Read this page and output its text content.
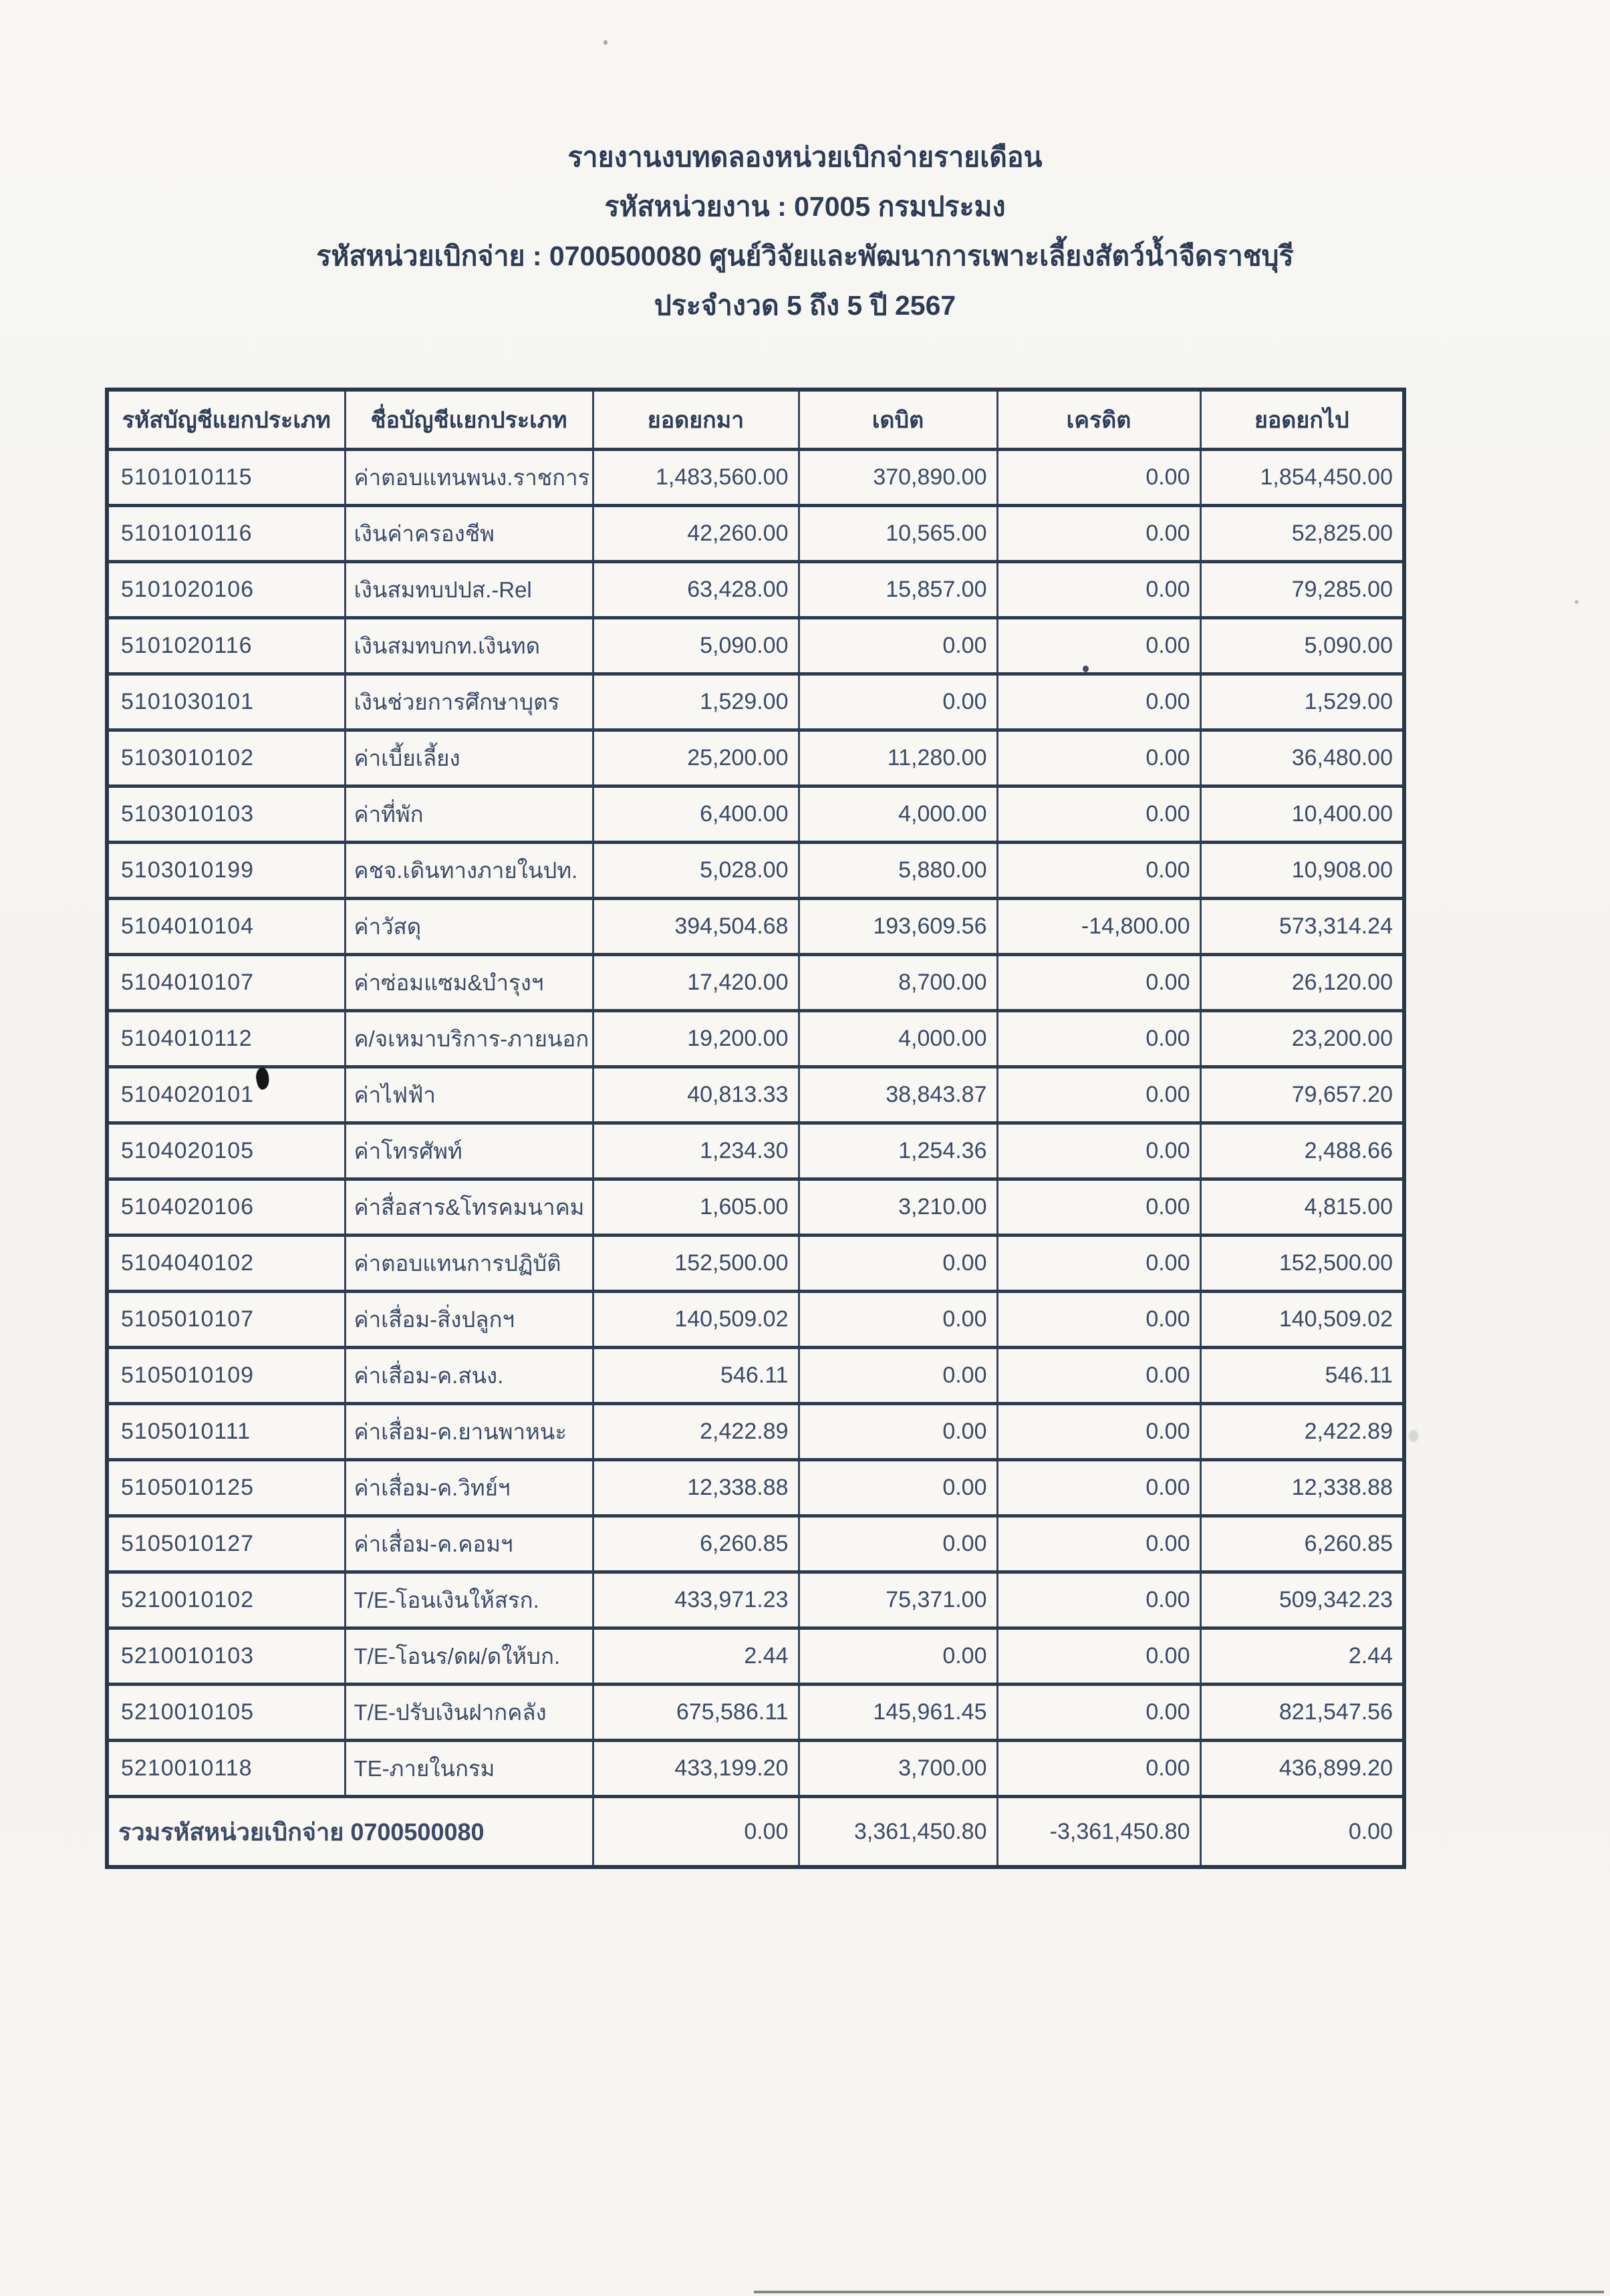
รายงานงบทดลองหน่วยเบิกจ่ายรายเดือน
รหัสหน่วยงาน : 07005 กรมประมง
รหัสหน่วยเบิกจ่าย : 0700500080 ศูนย์วิจัยและพัฒนาการเพาะเลี้ยงสัตว์น้ำจืดราชบุรี
ประจำงวด 5 ถึง 5 ปี 2567
รหัสบัญชีแยกประเภท	ชื่อบัญชีแยกประเภท	ยอดยกมา	เดบิต	เครดิต	ยอดยกไป
5101010115	ค่าตอบแทนพนง.ราชการ	1,483,560.00	370,890.00	0.00	1,854,450.00
5101010116	เงินค่าครองชีพ	42,260.00	10,565.00	0.00	52,825.00
5101020106	เงินสมทบปปส.-Rel	63,428.00	15,857.00	0.00	79,285.00
5101020116	เงินสมทบกท.เงินทด	5,090.00	0.00	0.00	5,090.00
5101030101	เงินช่วยการศึกษาบุตร	1,529.00	0.00	0.00	1,529.00
5103010102	ค่าเบี้ยเลี้ยง	25,200.00	11,280.00	0.00	36,480.00
5103010103	ค่าที่พัก	6,400.00	4,000.00	0.00	10,400.00
5103010199	คชจ.เดินทางภายในปท.	5,028.00	5,880.00	0.00	10,908.00
5104010104	ค่าวัสดุ	394,504.68	193,609.56	-14,800.00	573,314.24
5104010107	ค่าซ่อมแซม&บำรุงฯ	17,420.00	8,700.00	0.00	26,120.00
5104010112	ค/จเหมาบริการ-ภายนอก	19,200.00	4,000.00	0.00	23,200.00
5104020101	ค่าไฟฟ้า	40,813.33	38,843.87	0.00	79,657.20
5104020105	ค่าโทรศัพท์	1,234.30	1,254.36	0.00	2,488.66
5104020106	ค่าสื่อสาร&โทรคมนาคม	1,605.00	3,210.00	0.00	4,815.00
5104040102	ค่าตอบแทนการปฏิบัติ	152,500.00	0.00	0.00	152,500.00
5105010107	ค่าเสื่อม-สิ่งปลูกฯ	140,509.02	0.00	0.00	140,509.02
5105010109	ค่าเสื่อม-ค.สนง.	546.11	0.00	0.00	546.11
5105010111	ค่าเสื่อม-ค.ยานพาหนะ	2,422.89	0.00	0.00	2,422.89
5105010125	ค่าเสื่อม-ค.วิทย์ฯ	12,338.88	0.00	0.00	12,338.88
5105010127	ค่าเสื่อม-ค.คอมฯ	6,260.85	0.00	0.00	6,260.85
5210010102	T/E-โอนเงินให้สรก.	433,971.23	75,371.00	0.00	509,342.23
5210010103	T/E-โอนร/ดผ/ดให้บก.	2.44	0.00	0.00	2.44
5210010105	T/E-ปรับเงินฝากคลัง	675,586.11	145,961.45	0.00	821,547.56
5210010118	TE-ภายในกรม	433,199.20	3,700.00	0.00	436,899.20
รวมรหัสหน่วยเบิกจ่าย 0700500080		0.00	3,361,450.80	-3,361,450.80	0.00
